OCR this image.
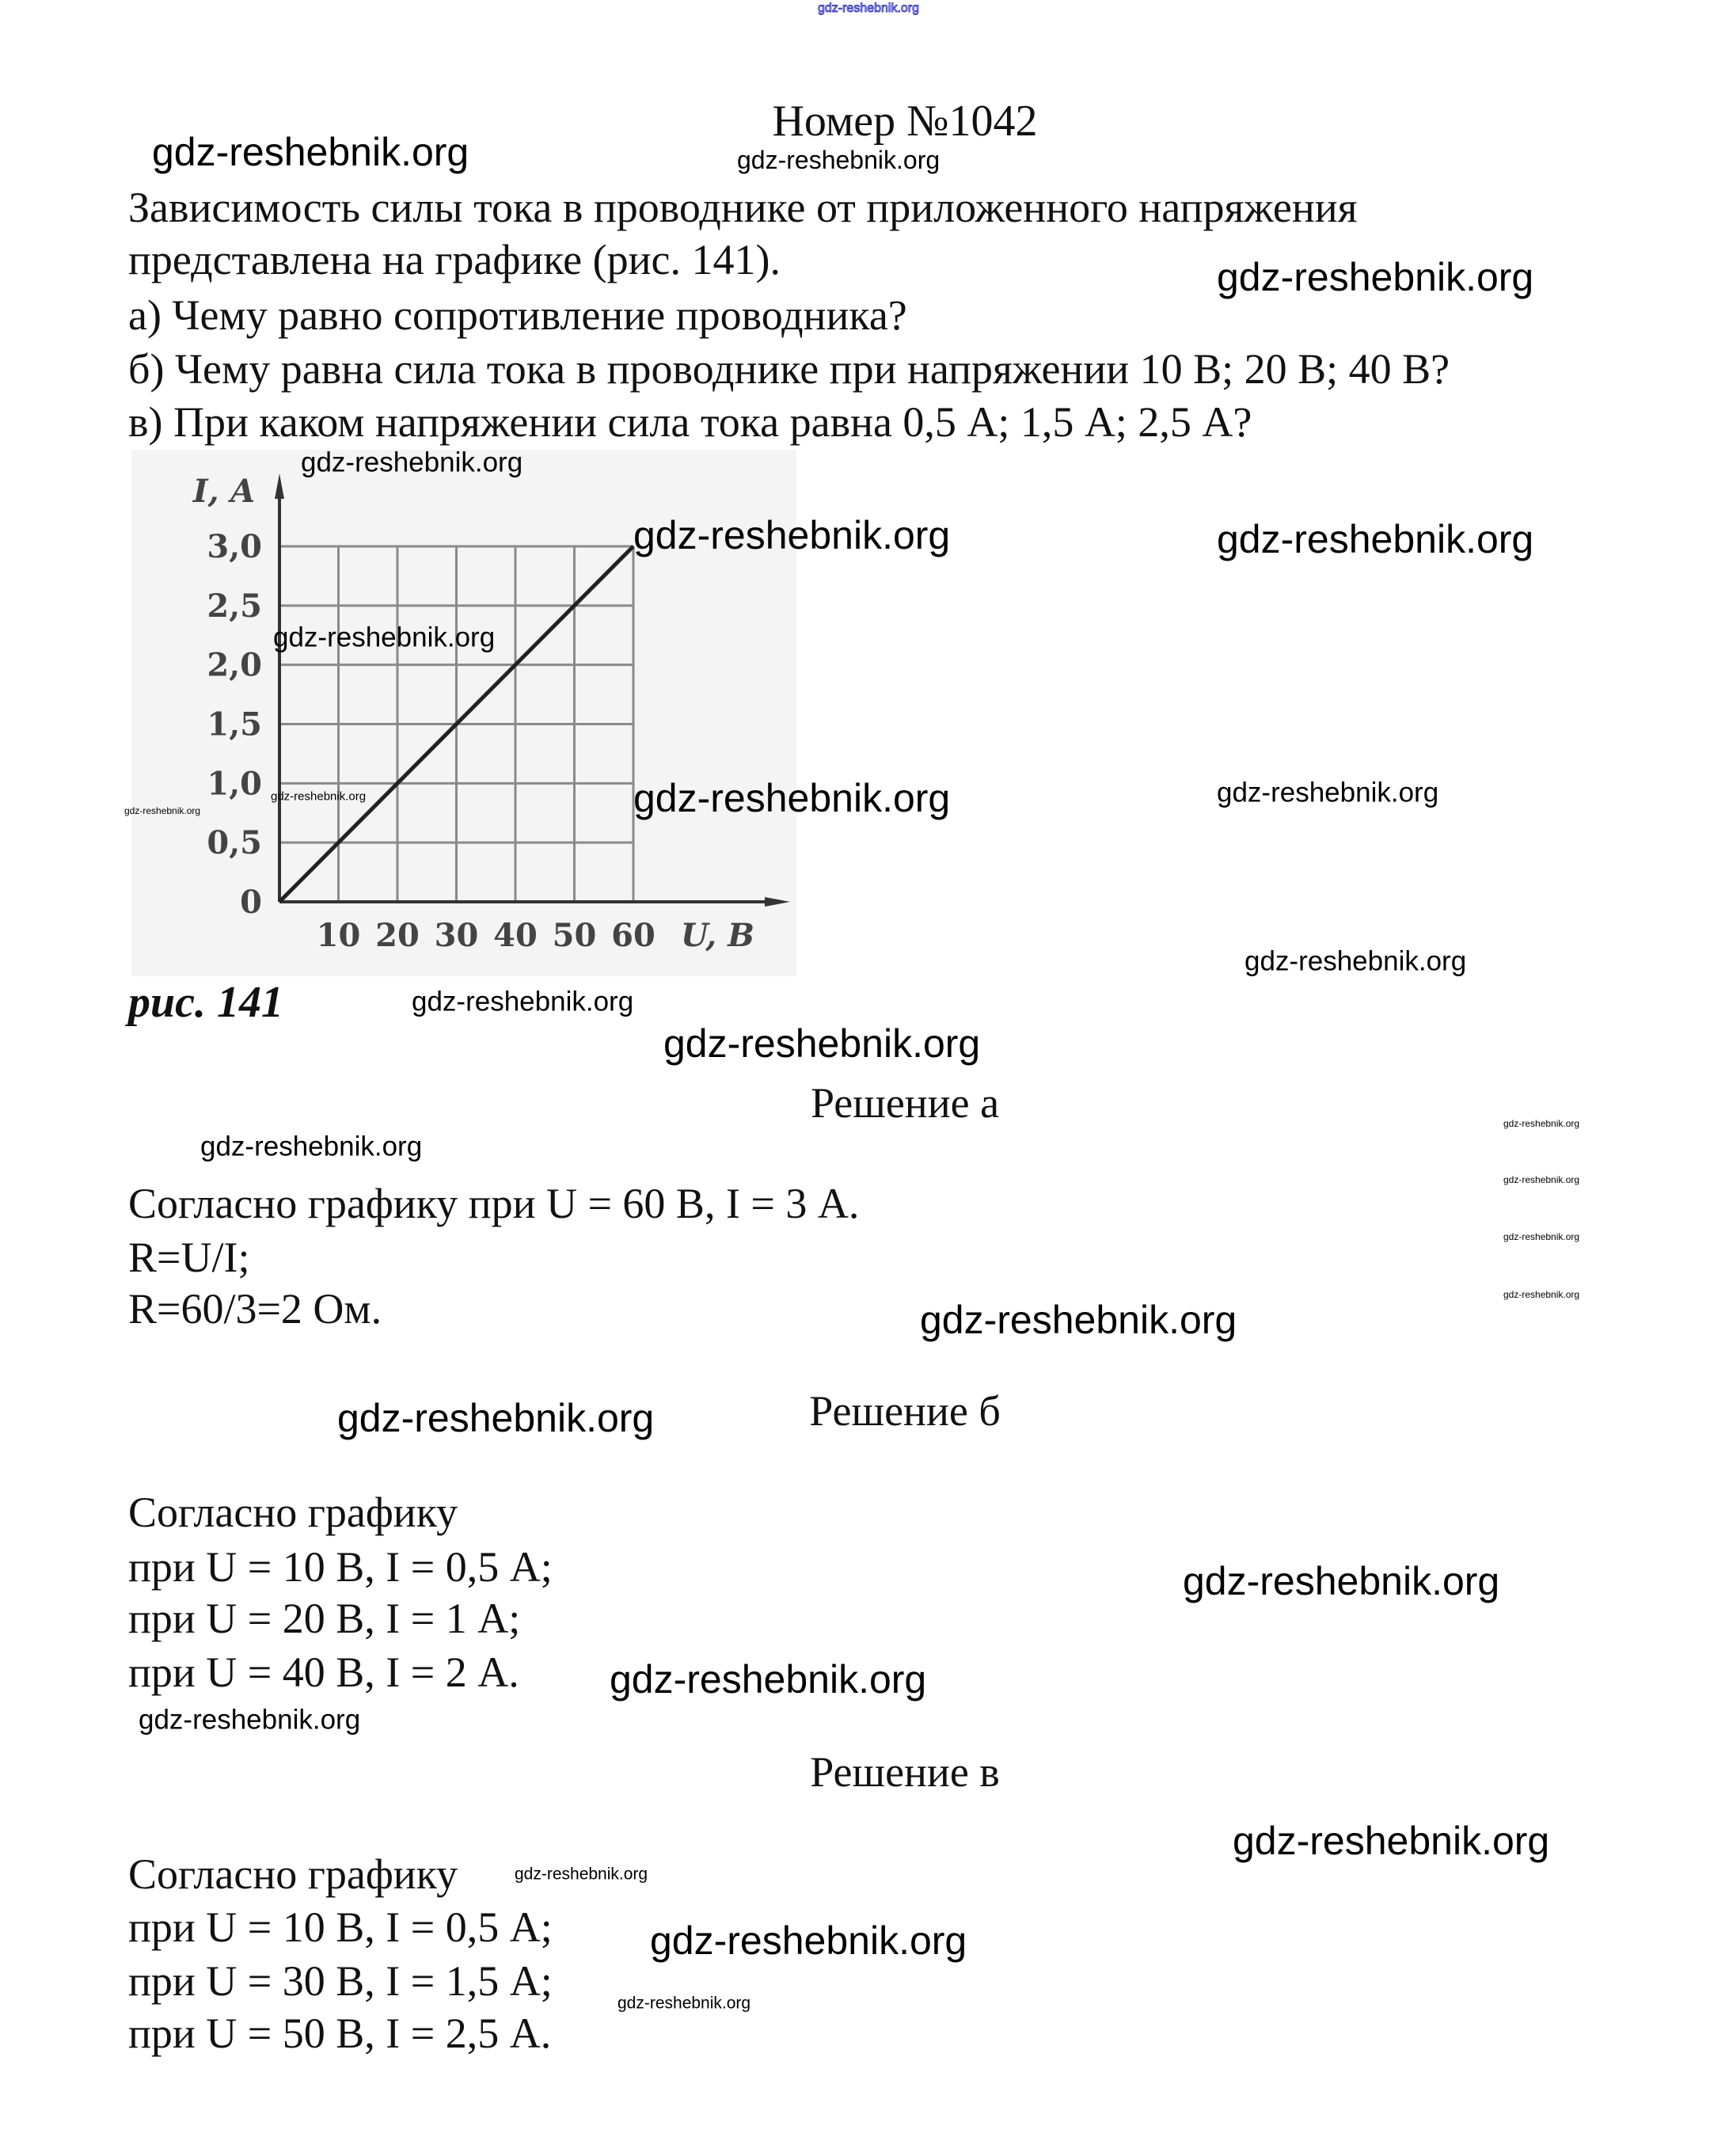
gdz-reshebnik.org
Номер №1042
Зависимость силы тока в проводнике от приложенного напряжения
представлена на графике (рис. 141).
а) Чему равно сопротивление проводника?
б) Чему равна сила тока в проводнике при напряжении 10 В; 20 В; 40 В?
в) При каком напряжении сила тока равна 0,5 А; 1,5 А; 2,5 А?
0
0,5
1,0
1,5
2,0
2,5
3,0
10 20 30 40 50 60
I, А
U, В
рис. 141
Решение а
Согласно графику при U = 60 В, I = 3 А.
R=U/I;
R=60/3=2 Ом.
Решение б
Согласно графику
при U = 10 В, I = 0,5 А;
при U = 20 В, I = 1 А;
при U = 40 В, I = 2 А.
Решение в
Согласно графику
при U = 10 В, I = 0,5 А;
при U = 30 В, I = 1,5 А;
при U = 50 В, I = 2,5 А.
gdz-reshebnik.org	gdz-reshebnik.org
gdz-reshebnik.org
gdz-reshebnik.org
gdz-reshebnik.org	gdz-reshebnik.org
gdz-reshebnik.org
gdz-reshebnik.org
gdz-reshebnik.org	gdz-reshebnik.org	gdz-reshebnik.org
gdz-reshebnik.org
gdz-reshebnik.org
gdz-reshebnik.org
gdz-reshebnik.org
gdz-reshebnik.org
gdz-reshebnik.org
gdz-reshebnik.org
gdz-reshebnik.org
gdz-reshebnik.org
gdz-reshebnik.org
gdz-reshebnik.org
gdz-reshebnik.org
gdz-reshebnik.org
gdz-reshebnik.org
gdz-reshebnik.org
gdz-reshebnik.org
gdz-reshebnik.org
